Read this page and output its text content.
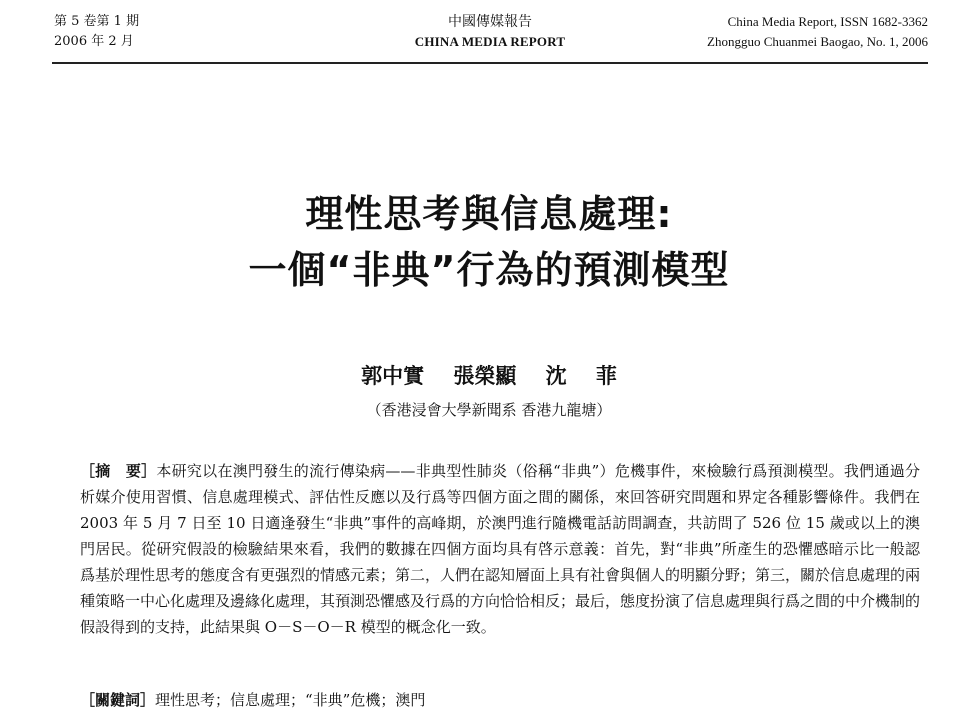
第 5 卷第 1 期
2006 年 2 月
中國傳媒報告
CHINA MEDIA REPORT
China Media Report, ISSN 1682-3362
Zhongguo Chuanmei Baogao, No. 1, 2006
理性思考與信息處理:
一個“非典”行為的預測模型
郭中實    張榮顯    沈    菲
（香港浸會大學新聞系 香港九龍塘）
［摘　要］本研究以在澳門發生的流行傳染病——非典型性肺炎（俗稱“非典”）危機事件，來檢驗行爲預測模型。我們通過分析媒介使用習慣、信息處理模式、評估性反應以及行爲等四個方面之間的關係，來回答研究問題和界定各種影響條件。我們在 2003 年 5 月 7 日至 10 日適逢發生“非典”事件的高峰期，於澳門進行隨機電話訪問調查，共訪問了 526 位 15 歲或以上的澳門居民。從研究假設的檢驗結果來看，我們的數據在四個方面均具有啓示意義：首先，對“非典”所產生的恐懼感暗示比一般認爲基於理性思考的態度含有更强烈的情感元素；第二，人們在認知層面上具有社會與個人的明顯分野；第三，關於信息處理的兩種策略一中心化處理及邊緣化處理，其預測恐懼感及行爲的方向恰恰相反；最后，態度扮演了信息處理與行爲之間的中介機制的假設得到的支持，此結果與 O－S－O－R 模型的概念化一致。
［關鍵詞］理性思考；信息處理；“非典”危機；澳門
